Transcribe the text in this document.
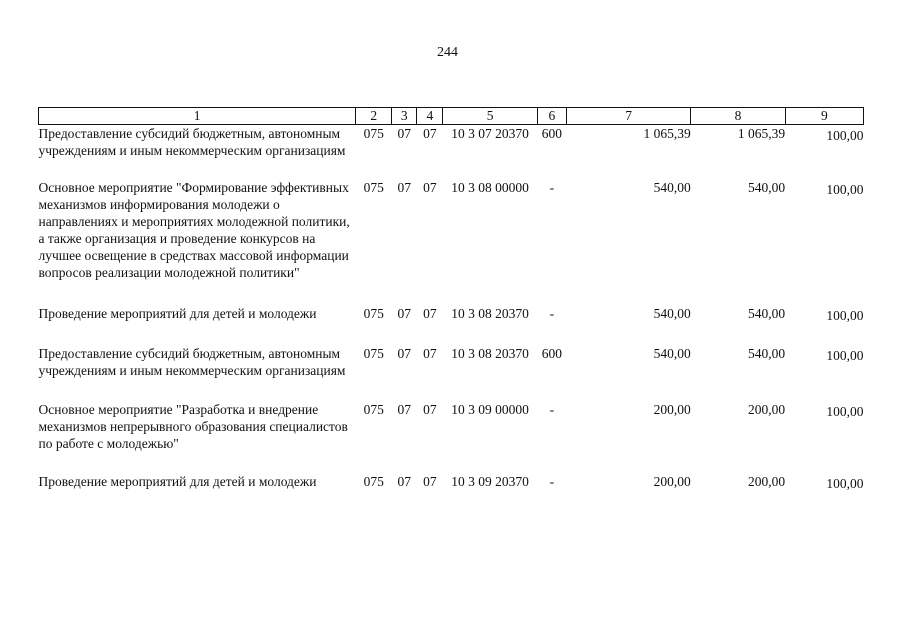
244
1	2	3	4	5	6	7	8	9
Предоставление субсидий бюджетным, автономным учреждениям и иным некоммерческим организациям	075	07	07	10 3 07 20370	600	1 065,39	1 065,39	100,00
Основное мероприятие "Формирование эффективных механизмов информирования молодежи о направлениях и мероприятиях молодежной политики, а также организация и проведение конкурсов на лучшее освещение в средствах массовой информации вопросов реализации молодежной политики"	075	07	07	10 3 08 00000	-	540,00	540,00	100,00
Проведение мероприятий для детей и молодежи	075	07	07	10 3 08 20370	-	540,00	540,00	100,00
Предоставление субсидий бюджетным, автономным учреждениям и иным некоммерческим организациям	075	07	07	10 3 08 20370	600	540,00	540,00	100,00
Основное мероприятие "Разработка и внедрение механизмов непрерывного образования специалистов по работе с молодежью"	075	07	07	10 3 09 00000	-	200,00	200,00	100,00
Проведение мероприятий для детей и молодежи	075	07	07	10 3 09 20370	-	200,00	200,00	100,00
